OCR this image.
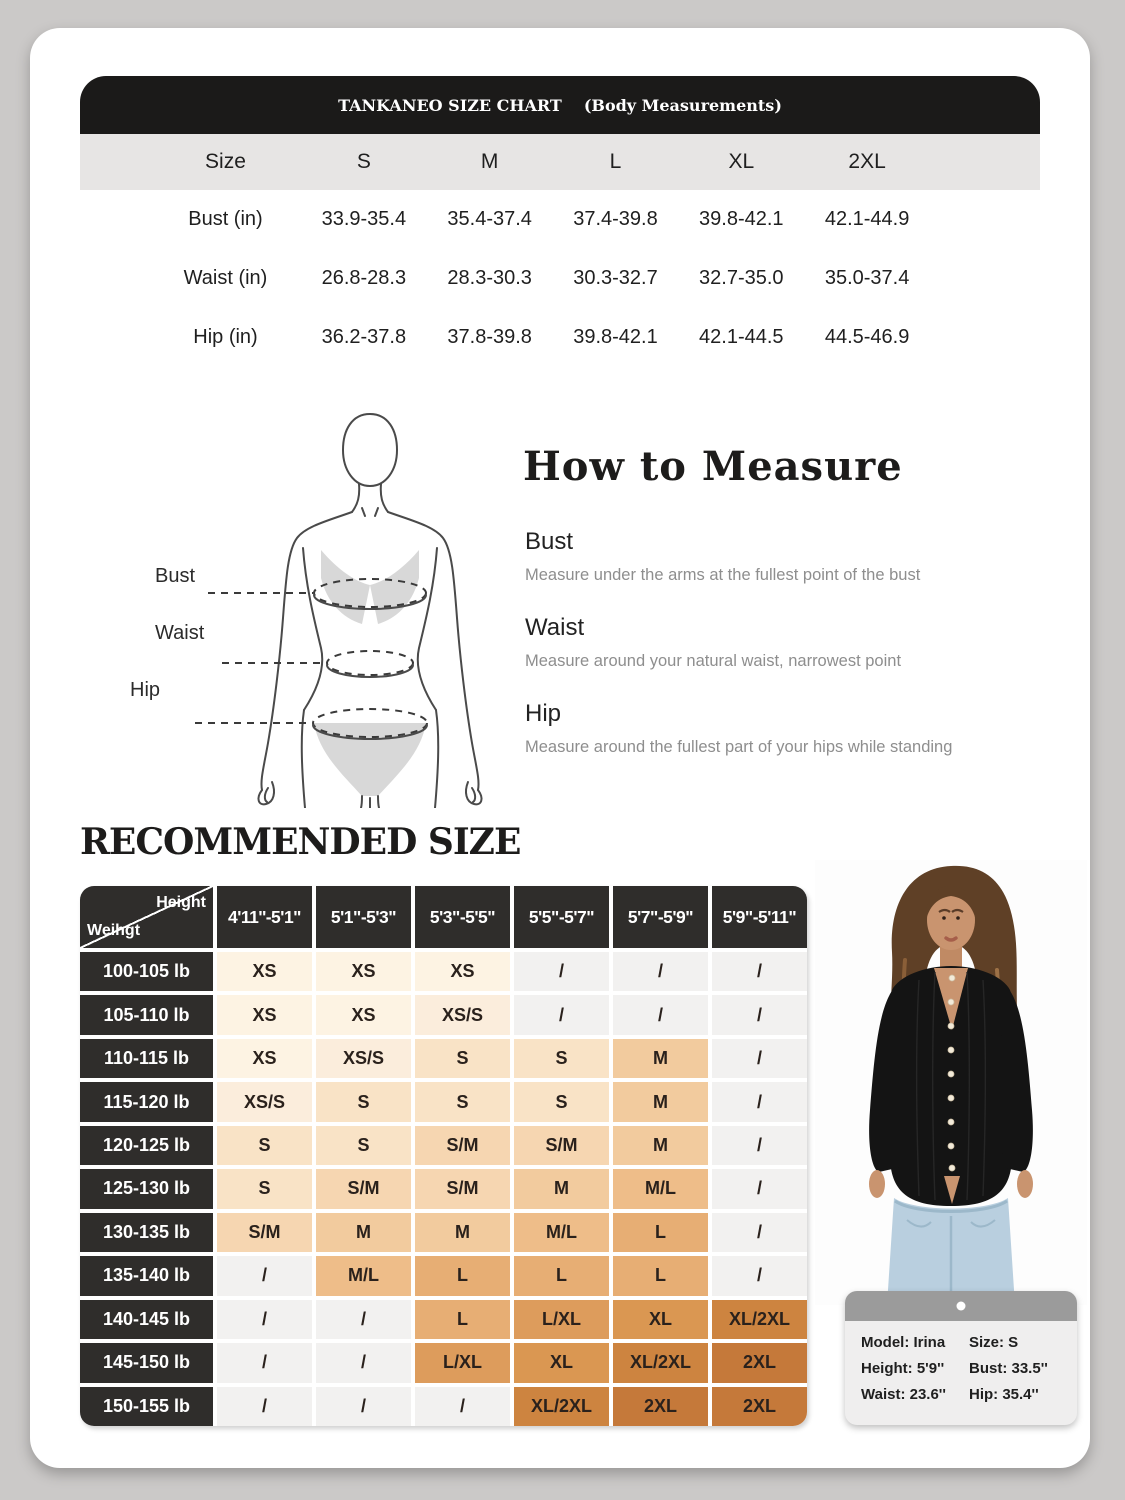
TANKANEO SIZE CHART (Body Measurements)
Size	S	M	L	XL	2XL
Bust (in)	33.9-35.4	35.4-37.4	37.4-39.8	39.8-42.1	42.1-44.9
Waist (in)	26.8-28.3	28.3-30.3	30.3-32.7	32.7-35.0	35.0-37.4
Hip (in)	36.2-37.8	37.8-39.8	39.8-42.1	42.1-44.5	44.5-46.9
Bust
Waist
Hip
How to Measure
Bust
Measure under the arms at the fullest point of the bust
Waist
Measure around your natural waist, narrowest point
Hip
Measure around the fullest part of your hips while standing
RECOMMENDED SIZE
Height
Weihgt
4'11''-5'1"	5'1"-5'3"	5'3"-5'5"	5'5"-5'7"	5'7"-5'9"	5'9"-5'11"
100-105 lb	XS	XS	XS	/	/	/
105-110 lb	XS	XS	XS/S	/	/	/
110-115 lb	XS	XS/S	S	S	M	/
115-120 lb	XS/S	S	S	S	M	/
120-125 lb	S	S	S/M	S/M	M	/
125-130 lb	S	S/M	S/M	M	M/L	/
130-135 lb	S/M	M	M	M/L	L	/
135-140 lb	/	M/L	L	L	L	/
140-145 lb	/	/	L	L/XL	XL	XL/2XL
145-150 lb	/	/	L/XL	XL	XL/2XL	2XL
150-155 lb	/	/	/	XL/2XL	2XL	2XL
Model: Irina	Size: S
Height: 5'9''	Bust: 33.5''
Waist: 23.6''	Hip: 35.4''
